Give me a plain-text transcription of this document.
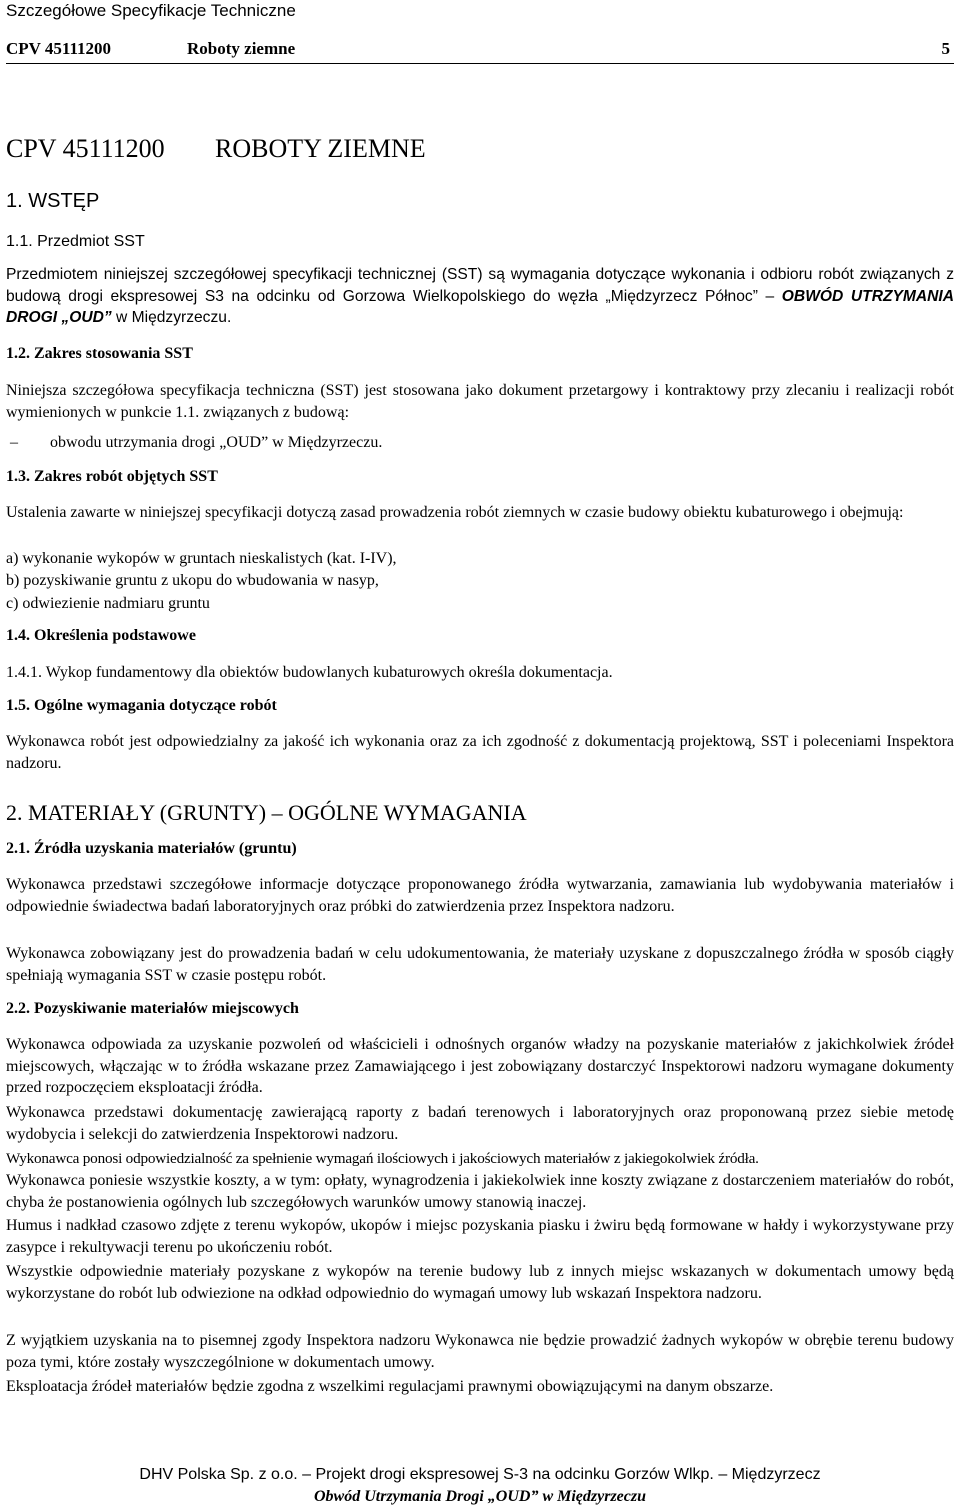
Szczegółowe Specyfikacje Techniczne
CPV 45111200	Roboty ziemne	5
CPV 45111200 ROBOTY ZIEMNE
1. WSTĘP
1.1. Przedmiot SST

Przedmiotem niniejszej szczegółowej specyfikacji technicznej (SST) są wymagania dotyczące wykonania i odbioru robót związanych z budową drogi ekspresowej S3 na odcinku od Gorzowa Wielkopolskiego do węzła „Międzyrzecz Północ” – OBWÓD UTRZYMANIA DROGI „OUD” w Międzyrzeczu.

1.2. Zakres stosowania SST

Niniejsza szczegółowa specyfikacja techniczna (SST) jest stosowana jako dokument przetargowy i kontraktowy przy zlecaniu i realizacji robót wymienionych w punkcie 1.1. związanych z budową:

– obwodu utrzymania drogi „OUD” w Międzyrzeczu.
1.3. Zakres robót objętych SST

Ustalenia zawarte w niniejszej specyfikacji dotyczą zasad prowadzenia robót ziemnych w czasie budowy obiektu kubaturowego i obejmują:

a) wykonanie wykopów w gruntach nieskalistych (kat. I-IV),
b) pozyskiwanie gruntu z ukopu do wbudowania w nasyp,
c) odwiezienie nadmiaru gruntu
1.4. Określenia podstawowe
1.4.1. Wykop fundamentowy dla obiektów budowlanych kubaturowych określa dokumentacja.
1.5. Ogólne wymagania dotyczące robót

Wykonawca robót jest odpowiedzialny za jakość ich wykonania oraz za ich zgodność z dokumentacją projektową, SST i poleceniami Inspektora nadzoru.

2. MATERIAŁY (GRUNTY) – OGÓLNE WYMAGANIA
2.1. Źródła uzyskania materiałów (gruntu)

Wykonawca przedstawi szczegółowe informacje dotyczące proponowanego źródła wytwarzania, zamawiania lub wydobywania materiałów i odpowiednie świadectwa badań laboratoryjnych oraz próbki do zatwierdzenia przez Inspektora nadzoru.

Wykonawca zobowiązany jest do prowadzenia badań w celu udokumentowania, że materiały uzyskane z dopuszczalnego źródła w sposób ciągły spełniają wymagania SST w czasie postępu robót.

2.2. Pozyskiwanie materiałów miejscowych

Wykonawca odpowiada za uzyskanie pozwoleń od właścicieli i odnośnych organów władzy na pozyskanie materiałów z jakichkolwiek źródeł miejscowych, włączając w to źródła wskazane przez Zamawiającego i jest zobowiązany dostarczyć Inspektorowi nadzoru wymagane dokumenty przed rozpoczęciem eksploatacji źródła.

Wykonawca przedstawi dokumentację zawierającą raporty z badań terenowych i laboratoryjnych oraz proponowaną przez siebie metodę wydobycia i selekcji do zatwierdzenia Inspektorowi nadzoru.

Wykonawca ponosi odpowiedzialność za spełnienie wymagań ilościowych i jakościowych materiałów z jakiegokolwiek źródła.

Wykonawca poniesie wszystkie koszty, a w tym: opłaty, wynagrodzenia i jakiekolwiek inne koszty związane z dostarczeniem materiałów do robót, chyba że postanowienia ogólnych lub szczegółowych warunków umowy stanowią inaczej.

Humus i nadkład czasowo zdjęte z terenu wykopów, ukopów i miejsc pozyskania piasku i żwiru będą formowane w hałdy i wykorzystywane przy zasypce i rekultywacji terenu po ukończeniu robót.

Wszystkie odpowiednie materiały pozyskane z wykopów na terenie budowy lub z innych miejsc wskazanych w dokumentach umowy będą wykorzystane do robót lub odwiezione na odkład odpowiednio do wymagań umowy lub wskazań Inspektora nadzoru.

Z wyjątkiem uzyskania na to pisemnej zgody Inspektora nadzoru Wykonawca nie będzie prowadzić żadnych wykopów w obrębie terenu budowy poza tymi, które zostały wyszczególnione w dokumentach umowy.

Eksploatacja źródeł materiałów będzie zgodna z wszelkimi regulacjami prawnymi obowiązującymi na danym obszarze.

DHV Polska Sp. z o.o. – Projekt drogi ekspresowej S-3 na odcinku Gorzów Wlkp. – Międzyrzecz
Obwód Utrzymania Drogi „OUD” w Międzyrzeczu
